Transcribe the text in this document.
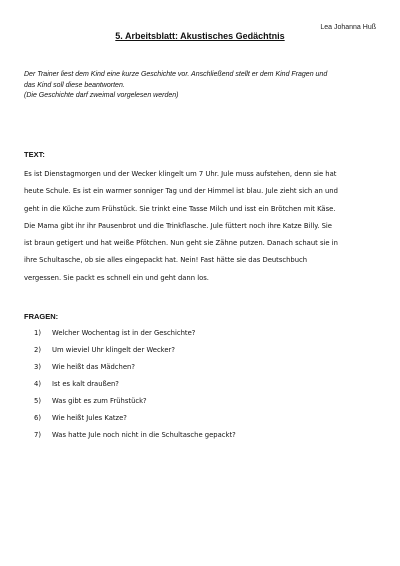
Lea Johanna Huß
5. Arbeitsblatt: Akustisches Gedächtnis
Der Trainer liest dem Kind eine kurze Geschichte vor. Anschließend stellt er dem Kind Fragen und
das Kind soll diese beantworten.
(Die Geschichte darf zweimal vorgelesen werden)
TEXT:
Es ist Dienstagmorgen und der Wecker klingelt um 7 Uhr. Jule muss aufstehen, denn sie hat
heute Schule. Es ist ein warmer sonniger Tag und der Himmel ist blau. Jule zieht sich an und
geht in die Küche zum Frühstück. Sie trinkt eine Tasse Milch und isst ein Brötchen mit Käse.
Die Mama gibt ihr ihr Pausenbrot und die Trinkflasche. Jule füttert noch ihre Katze Billy. Sie
ist braun getigert und hat weiße Pfötchen. Nun geht sie Zähne putzen. Danach schaut sie in
ihre Schultasche, ob sie alles eingepackt hat. Nein! Fast hätte sie das Deutschbuch
vergessen. Sie packt es schnell ein und geht dann los.
FRAGEN:
1) Welcher Wochentag ist in der Geschichte?
2) Um wieviel Uhr klingelt der Wecker?
3) Wie heißt das Mädchen?
4) Ist es kalt draußen?
5) Was gibt es zum Frühstück?
6) Wie heißt Jules Katze?
7) Was hatte Jule noch nicht in die Schultasche gepackt?
